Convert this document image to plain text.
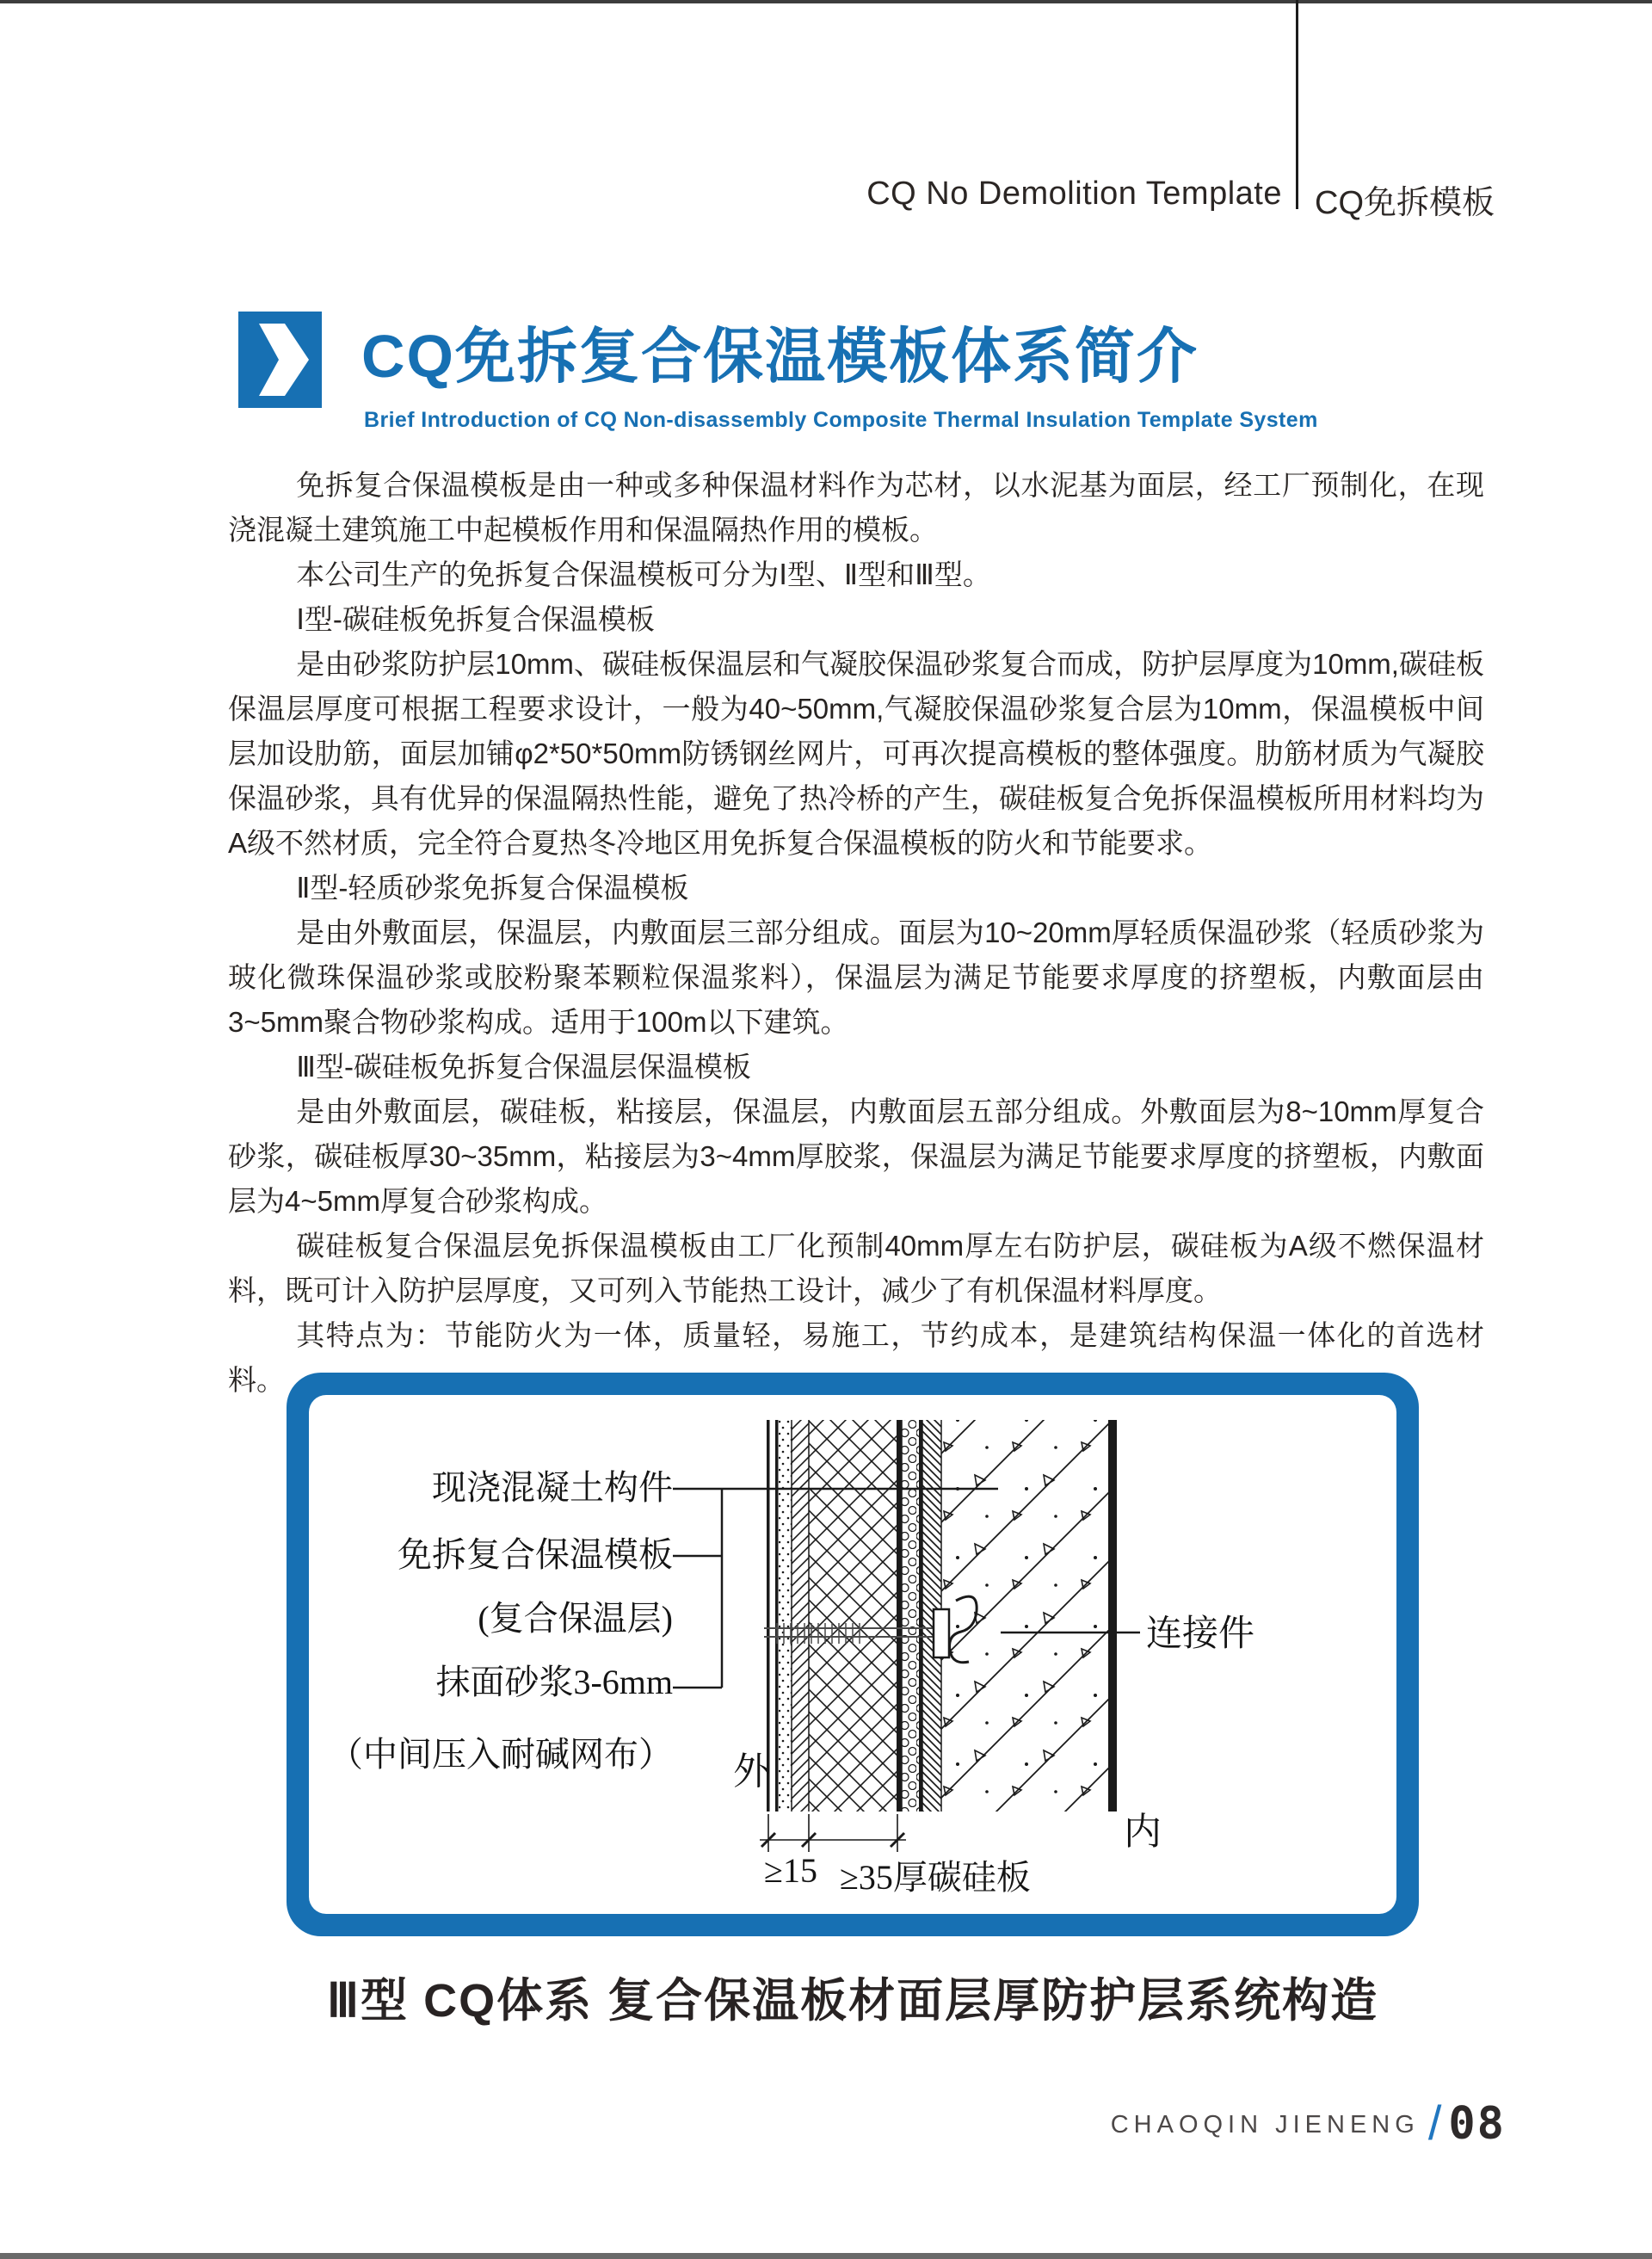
CQ No Demolition Template CQ免拆模板
CQ免拆复合保温模板体系简介
Brief Introduction of CQ Non-disassembly Composite Thermal Insulation Template System

免拆复合保温模板是由一种或多种保温材料作为芯材，以水泥基为面层，经工厂预制化，在现浇混凝土建筑施工中起模板作用和保温隔热作用的模板。

本公司生产的免拆复合保温模板可分为Ⅰ型、Ⅱ型和Ⅲ型。

Ⅰ型-碳硅板免拆复合保温模板

是由砂浆防护层10mm、碳硅板保温层和气凝胶保温砂浆复合而成，防护层厚度为10mm,碳硅板保温层厚度可根据工程要求设计，一般为40~50mm,气凝胶保温砂浆复合层为10mm，保温模板中间层加设肋筋，面层加铺φ2*50*50mm防锈钢丝网片，可再次提高模板的整体强度。肋筋材质为气凝胶保温砂浆，具有优异的保温隔热性能，避免了热冷桥的产生，碳硅板复合免拆保温模板所用材料均为A级不然材质，完全符合夏热冬冷地区用免拆复合保温模板的防火和节能要求。

Ⅱ型-轻质砂浆免拆复合保温模板

是由外敷面层，保温层，内敷面层三部分组成。面层为10~20mm厚轻质保温砂浆（轻质砂浆为玻化微珠保温砂浆或胶粉聚苯颗粒保温浆料），保温层为满足节能要求厚度的挤塑板，内敷面层由3~5mm聚合物砂浆构成。适用于100m以下建筑。

Ⅲ型-碳硅板免拆复合保温层保温模板

是由外敷面层，碳硅板，粘接层，保温层，内敷面层五部分组成。外敷面层为8~10mm厚复合砂浆，碳硅板厚30~35mm，粘接层为3~4mm厚胶浆，保温层为满足节能要求厚度的挤塑板，内敷面层为4~5mm厚复合砂浆构成。

碳硅板复合保温层免拆保温模板由工厂化预制40mm厚左右防护层，碳硅板为A级不燃保温材料，既可计入防护层厚度，又可列入节能热工设计，减少了有机保温材料厚度。

其特点为：节能防火为一体，质量轻，易施工，节约成本，是建筑结构保温一体化的首选材料。

现浇混凝土构件
免拆复合保温模板
(复合保温层)
抹面砂浆3-6mm
（中间压入耐碱网布）
连接件
外
内
≥15 ≥35厚碳硅板
Ⅲ型 CQ体系 复合保温板材面层厚防护层系统构造
CHAOQIN JIENENG / 08
